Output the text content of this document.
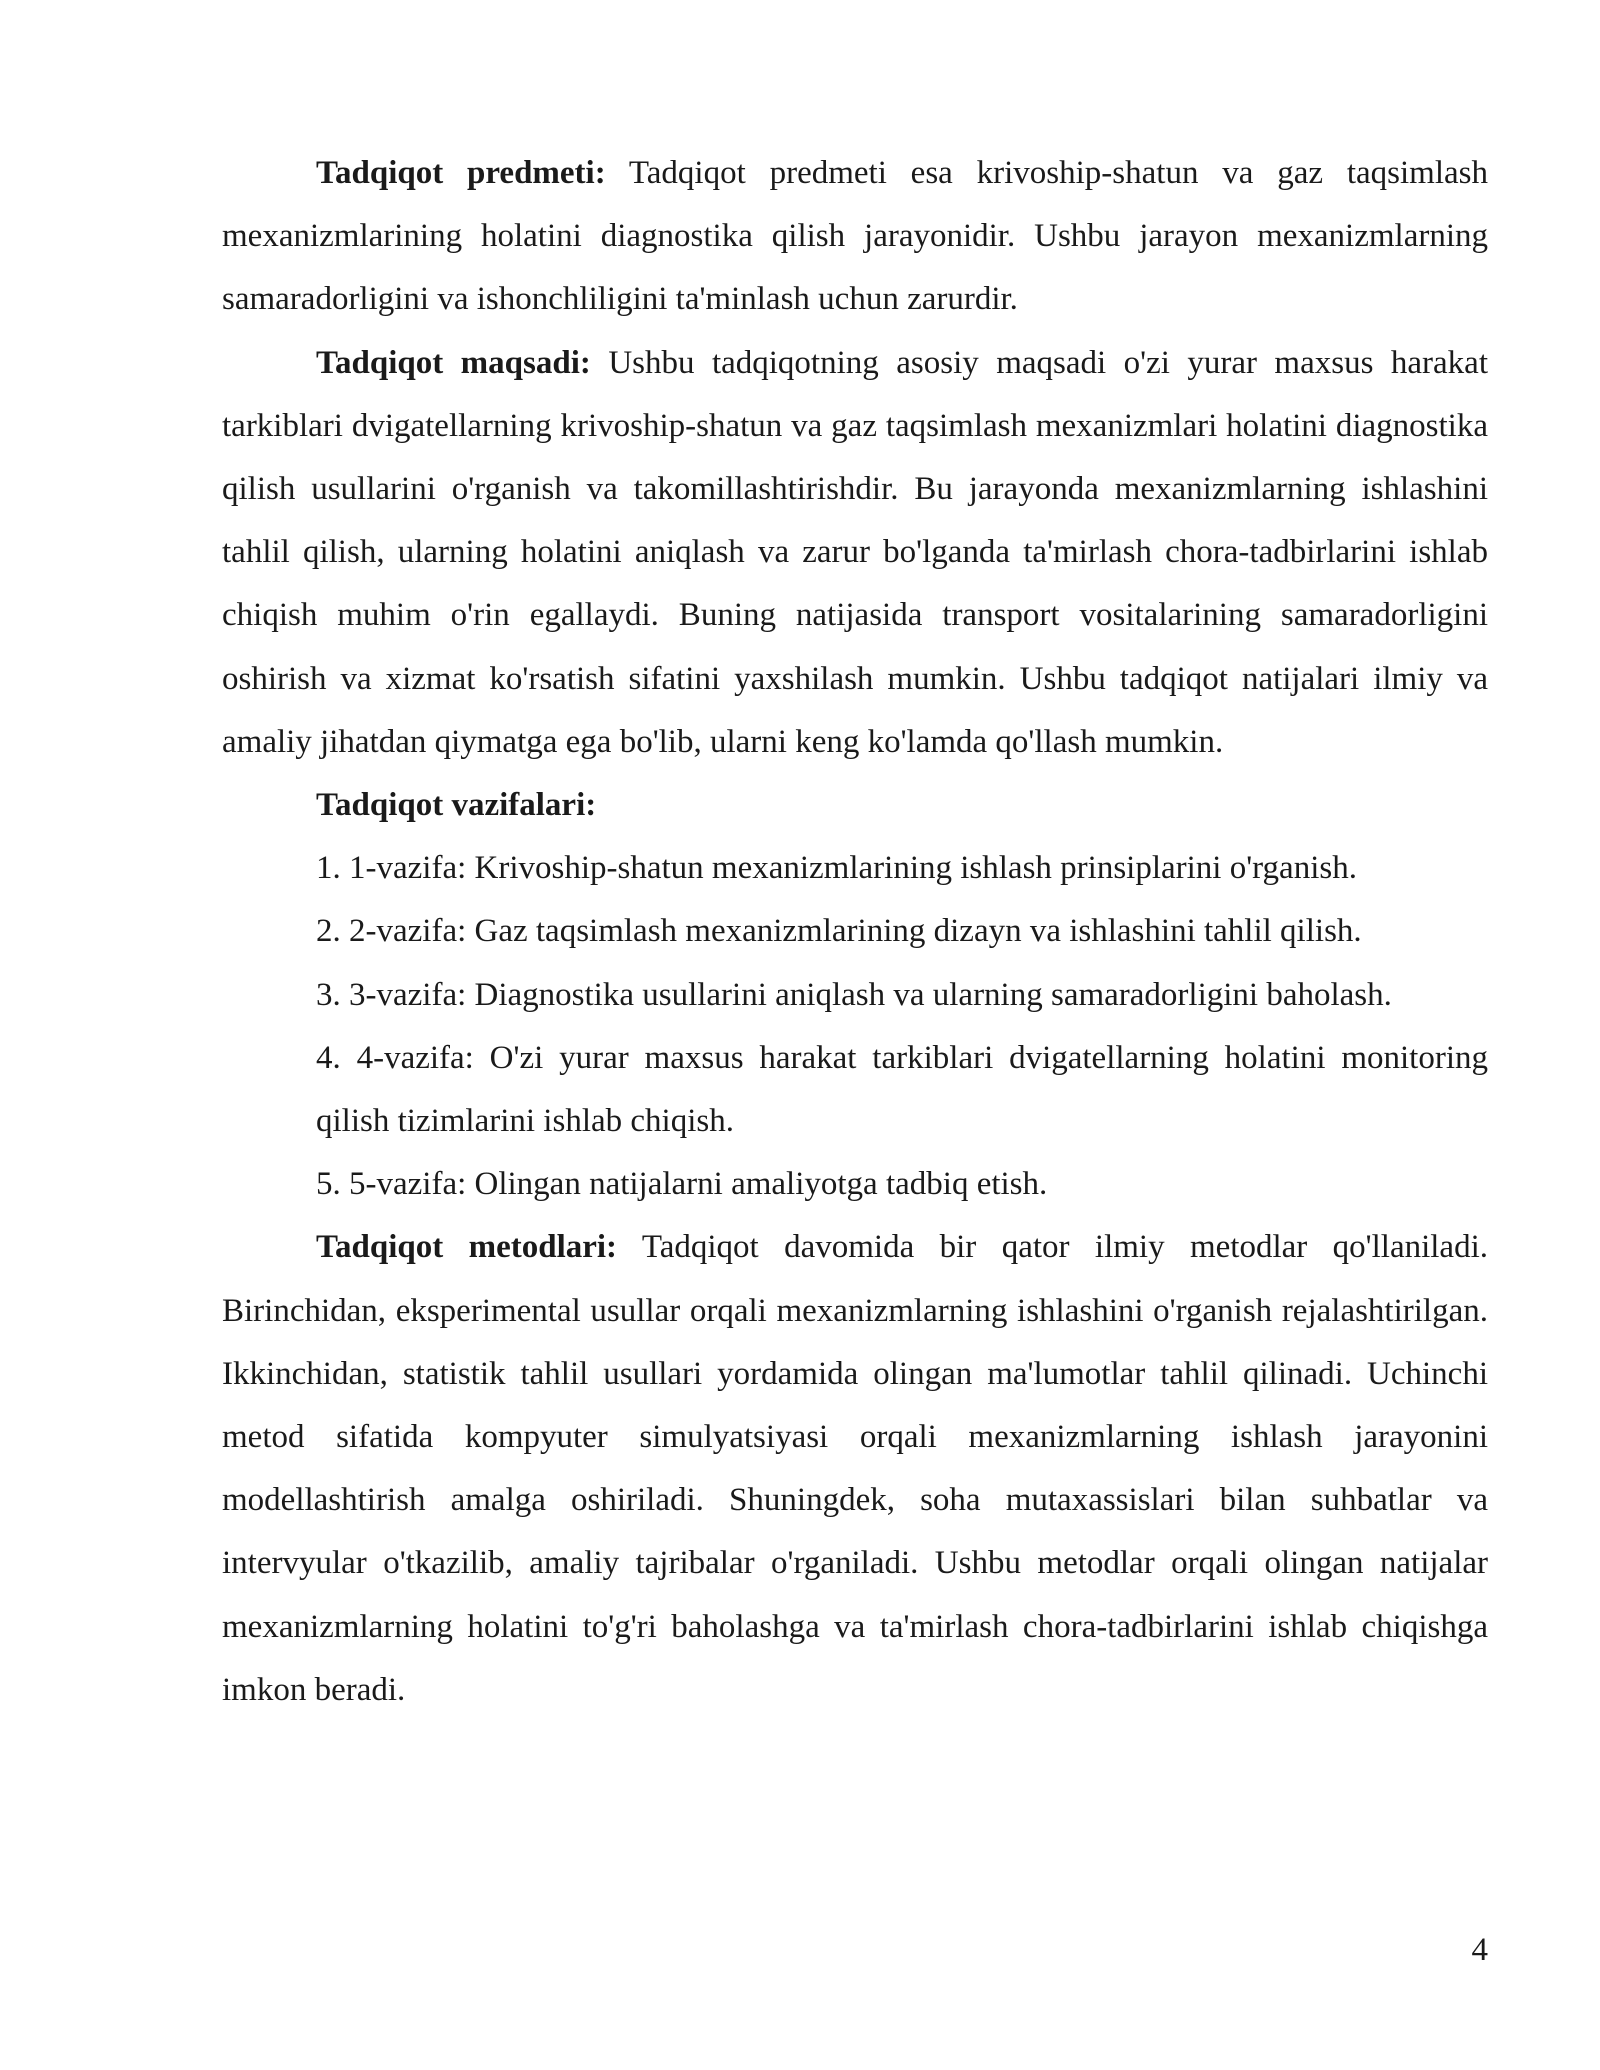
Tadqiqot predmeti: Tadqiqot predmeti esa krivoship-shatun va gaz taqsimlash mexanizmlarining holatini diagnostika qilish jarayonidir. Ushbu jarayon mexanizmlarning samaradorligini va ishonchliligini ta'minlash uchun zarurdir.

Tadqiqot maqsadi: Ushbu tadqiqotning asosiy maqsadi o'zi yurar maxsus harakat tarkiblari dvigatellarning krivoship-shatun va gaz taqsimlash mexanizmlari holatini diagnostika qilish usullarini o'rganish va takomillashtirishdir. Bu jarayonda mexanizmlarning ishlashini tahlil qilish, ularning holatini aniqlash va zarur bo'lganda ta'mirlash chora-tadbirlarini ishlab chiqish muhim o'rin egallaydi. Buning natijasida transport vositalarining samaradorligini oshirish va xizmat ko'rsatish sifatini yaxshilash mumkin. Ushbu tadqiqot natijalari ilmiy va amaliy jihatdan qiymatga ega bo'lib, ularni keng ko'lamda qo'llash mumkin.

Tadqiqot vazifalari:

1. 1-vazifa: Krivoship-shatun mexanizmlarining ishlash prinsiplarini o'rganish.
2. 2-vazifa: Gaz taqsimlash mexanizmlarining dizayn va ishlashini tahlil qilish.
3. 3-vazifa: Diagnostika usullarini aniqlash va ularning samaradorligini baholash.
4. 4-vazifa: O'zi yurar maxsus harakat tarkiblari dvigatellarning holatini monitoring qilish tizimlarini ishlab chiqish.
5. 5-vazifa: Olingan natijalarni amaliyotga tadbiq etish.

Tadqiqot metodlari: Tadqiqot davomida bir qator ilmiy metodlar qo'llaniladi. Birinchidan, eksperimental usullar orqali mexanizmlarning ishlashini o'rganish rejalashtirilgan. Ikkinchidan, statistik tahlil usullari yordamida olingan ma'lumotlar tahlil qilinadi. Uchinchi metod sifatida kompyuter simulyatsiyasi orqali mexanizmlarning ishlash jarayonini modellashtirish amalga oshiriladi. Shuningdek, soha mutaxassislari bilan suhbatlar va intervyular o'tkazilib, amaliy tajribalar o'rganiladi. Ushbu metodlar orqali olingan natijalar mexanizmlarning holatini to'g'ri baholashga va ta'mirlash chora-tadbirlarini ishlab chiqishga imkon beradi.

4
